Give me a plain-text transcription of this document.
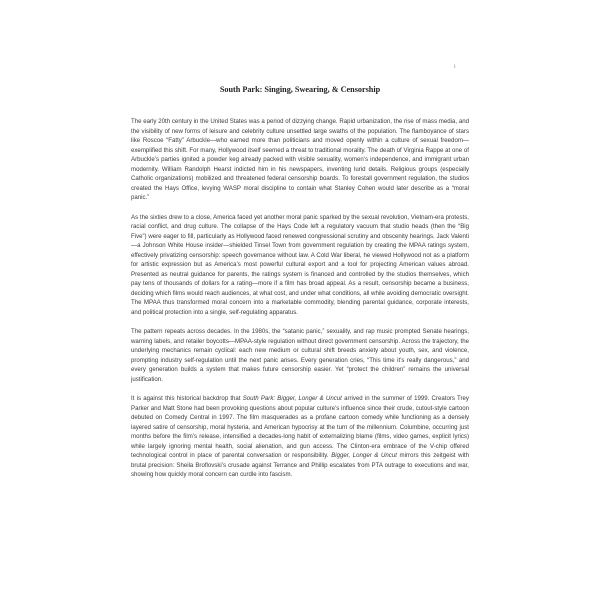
i
South Park: Singing, Swearing, & Censorship

The early 20th century in the United States was a period of dizzying change. Rapid urbanization, the rise of mass media, and the visibility of new forms of leisure and celebrity culture unsettled large swaths of the population. The flamboyance of stars like Roscoe “Fatty” Arbuckle—who earned more than politicians and moved openly within a culture of sexual freedom—exemplified this shift. For many, Hollywood itself seemed a threat to traditional morality. The death of Virginia Rappe at one of Arbuckle’s parties ignited a powder keg already packed with visible sexuality, women’s independence, and immigrant urban modernity. William Randolph Hearst indicted him in his newspapers, inventing lurid details. Religious groups (especially Catholic organizations) mobilized and threatened federal censorship boards. To forestall government regulation, the studios created the Hays Office, levying WASP moral discipline to contain what Stanley Cohen would later describe as a “moral panic.”

As the sixties drew to a close, America faced yet another moral panic sparked by the sexual revolution, Vietnam-era protests, racial conflict, and drug culture. The collapse of the Hays Code left a regulatory vacuum that studio heads (then the “Big Five”) were eager to fill, particularly as Hollywood faced renewed congressional scrutiny and obscenity hearings. Jack Valenti—a Johnson White House insider—shielded Tinsel Town from government regulation by creating the MPAA ratings system, effectively privatizing censorship: speech governance without law. A Cold War liberal, he viewed Hollywood not as a platform for artistic expression but as America’s most powerful cultural export and a tool for projecting American values abroad. Presented as neutral guidance for parents, the ratings system is financed and controlled by the studios themselves, which pay tens of thousands of dollars for a rating—more if a film has broad appeal. As a result, censorship became a business, deciding which films would reach audiences, at what cost, and under what conditions, all while avoiding democratic oversight. The MPAA thus transformed moral concern into a marketable commodity, blending parental guidance, corporate interests, and political protection into a single, self-regulating apparatus.

The pattern repeats across decades. In the 1980s, the “satanic panic,” sexuality, and rap music prompted Senate hearings, warning labels, and retailer boycotts—MPAA-style regulation without direct government censorship. Across the trajectory, the underlying mechanics remain cyclical: each new medium or cultural shift breeds anxiety about youth, sex, and violence, prompting industry self-regulation until the next panic arises. Every generation cries, “This time it’s really dangerous,” and every generation builds a system that makes future censorship easier. Yet “protect the children” remains the universal justification.

It is against this historical backdrop that South Park: Bigger, Longer & Uncut arrived in the summer of 1999. Creators Trey Parker and Matt Stone had been provoking questions about popular culture’s influence since their crude, cutout-style cartoon debuted on Comedy Central in 1997. The film masquerades as a profane cartoon comedy while functioning as a densely layered satire of censorship, moral hysteria, and American hypocrisy at the turn of the millennium. Columbine, occurring just months before the film’s release, intensified a decades-long habit of externalizing blame (films, video games, explicit lyrics) while largely ignoring mental health, social alienation, and gun access. The Clinton-era embrace of the V-chip offered technological control in place of parental conversation or responsibility. Bigger, Longer & Uncut mirrors this zeitgeist with brutal precision: Sheila Broflovski’s crusade against Terrance and Phillip escalates from PTA outrage to executions and war, showing how quickly moral concern can curdle into fascism.
